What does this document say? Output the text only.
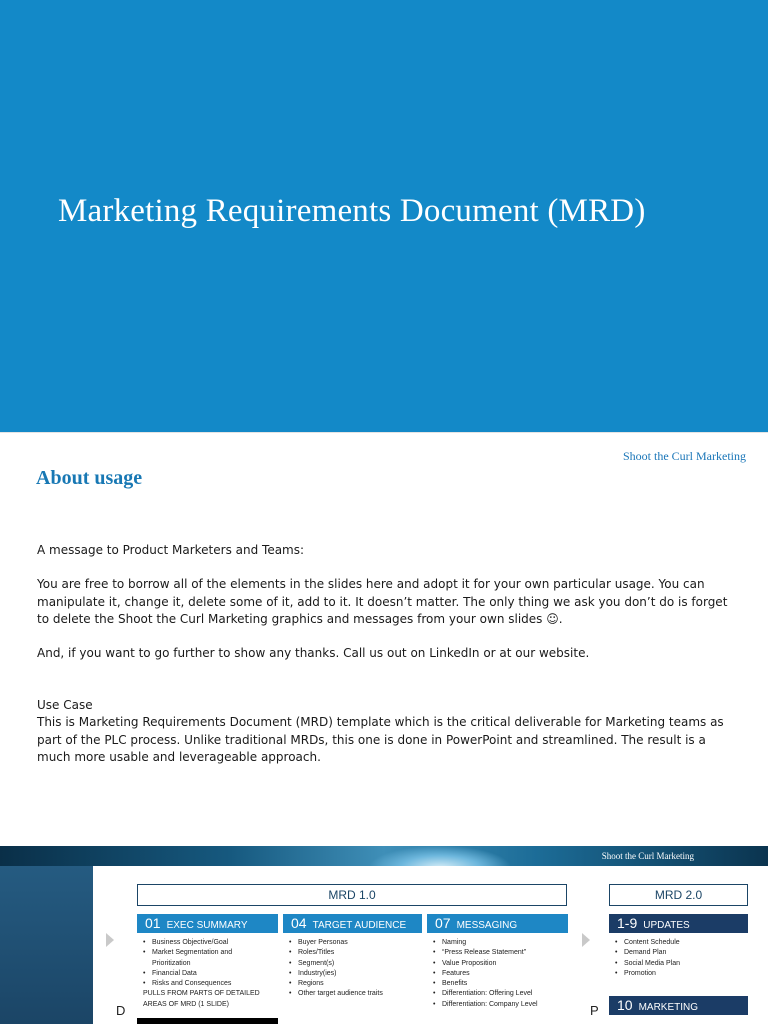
Marketing Requirements Document (MRD)
Shoot the Curl Marketing
About usage

A message to Product Marketers and Teams:

You are free to borrow all of the elements in the slides here and adopt it for your own particular usage. You can manipulate it, change it, delete some of it, add to it. It doesn’t matter. The only thing we ask you don’t do is forget to delete the Shoot the Curl Marketing graphics and messages from your own slides ☺.

And, if you want to go further to show any thanks. Call us out on LinkedIn or at our website.

Use Case

This is Marketing Requirements Document (MRD) template which is the critical deliverable for Marketing teams as part of the PLC process. Unlike traditional MRDs, this one is done in PowerPoint and streamlined. The result is a much more usable and leverageable approach.

Shoot the Curl Marketing
MRD 1.0	MRD 2.0
01 EXEC SUMMARY
• Business Objective/Goal
• Market Segmentation and
Prioritization
• Financial Data
• Risks and Consequences
PULLS FROM PARTS OF DETAILED
AREAS OF MRD (1 SLIDE)
04 TARGET AUDIENCE
• Buyer Personas
• Roles/Titles
• Segment(s)
• Industry(ies)
• Regions
• Other target audience traits
07 MESSAGING
• Naming
• “Press Release Statement”
• Value Proposition
• Features
• Benefits
• Differentiation: Offering Level
• Differentiation: Company Level
1-9 UPDATES
• Content Schedule
• Demand Plan
• Social Media Plan
• Promotion
10 MARKETING
D	P
